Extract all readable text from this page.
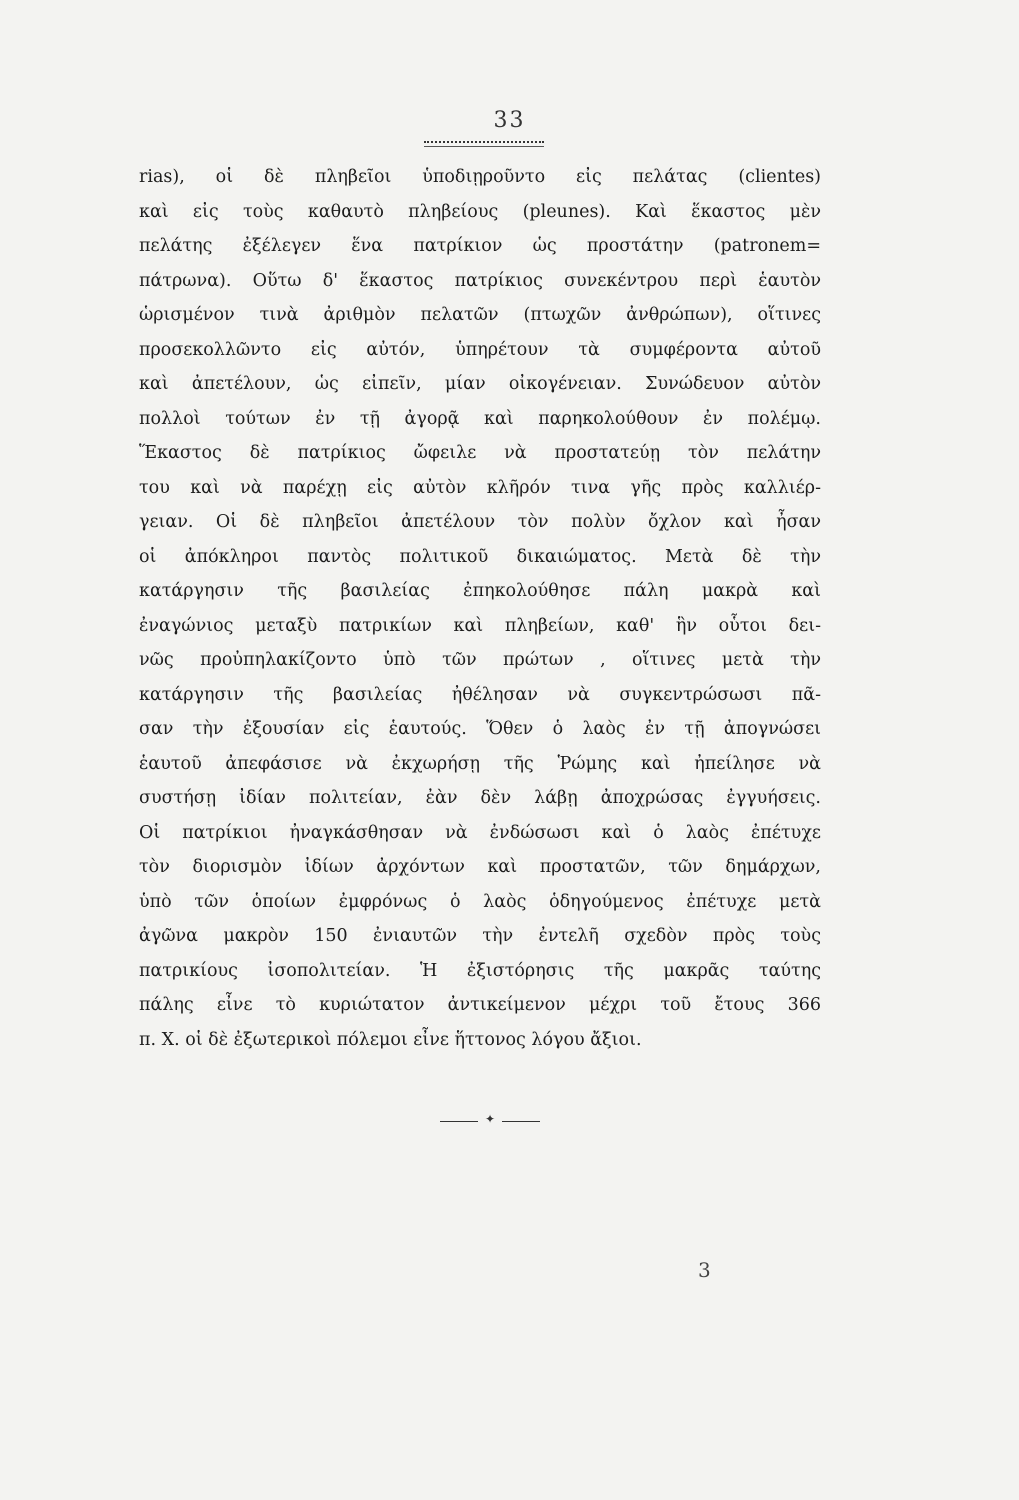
33
rias), οἱ δὲ πληβεῖοι ὑποδιῃροῦντο εἰς πελάτας (clientes)
καὶ εἰς τοὺς καθαυτὸ πληβείους (pleunes). Καὶ ἕκαστος μὲν
πελάτης ἐξέλεγεν ἕνα πατρίκιον ὡς προστάτην (patronem=
πάτρωνα). Οὕτω δ' ἕκαστος πατρίκιος συνεκέντρου περὶ ἑαυτὸν
ὡρισμένον τινὰ ἀριθμὸν πελατῶν (πτωχῶν ἀνθρώπων), οἵτινες
προσεκολλῶντο εἰς αὐτόν, ὑπηρέτουν τὰ συμφέροντα αὐτοῦ
καὶ ἀπετέλουν, ὡς εἰπεῖν, μίαν οἰκογένειαν. Συνώδευον αὐτὸν
πολλοὶ τούτων ἐν τῇ ἀγορᾷ καὶ παρηκολούθουν ἐν πολέμῳ.
Ἕκαστος δὲ πατρίκιος ὤφειλε νὰ προστατεύῃ τὸν πελάτην
του καὶ νὰ παρέχῃ εἰς αὐτὸν κλῆρόν τινα γῆς πρὸς καλλιέρ-
γειαν. Οἱ δὲ πληβεῖοι ἀπετέλουν τὸν πολὺν ὄχλον καὶ ἦσαν
οἱ ἀπόκληροι παντὸς πολιτικοῦ δικαιώματος. Μετὰ δὲ τὴν
κατάργησιν τῆς βασιλείας ἐπηκολούθησε πάλη μακρὰ καὶ
ἐναγώνιος μεταξὺ πατρικίων καὶ πληβείων, καθ' ἣν οὗτοι δει-
νῶς προὐπηλακίζοντο ὑπὸ τῶν πρώτων , οἵτινες μετὰ τὴν
κατάργησιν τῆς βασιλείας ἠθέλησαν νὰ συγκεντρώσωσι πᾶ-
σαν τὴν ἐξουσίαν εἰς ἑαυτούς. Ὅθεν ὁ λαὸς ἐν τῇ ἀπογνώσει
ἑαυτοῦ ἀπεφάσισε νὰ ἐκχωρήσῃ τῆς Ῥώμης καὶ ἠπείλησε νὰ
συστήσῃ ἰδίαν πολιτείαν, ἐὰν δὲν λάβῃ ἀποχρώσας ἐγγυήσεις.
Οἱ πατρίκιοι ἠναγκάσθησαν νὰ ἐνδώσωσι καὶ ὁ λαὸς ἐπέτυχε
τὸν διορισμὸν ἰδίων ἀρχόντων καὶ προστατῶν, τῶν δημάρχων,
ὑπὸ τῶν ὁποίων ἐμφρόνως ὁ λαὸς ὁδηγούμενος ἐπέτυχε μετὰ
ἀγῶνα μακρὸν 150 ἐνιαυτῶν τὴν ἐντελῆ σχεδὸν πρὸς τοὺς
πατρικίους ἰσοπολιτείαν. Ἡ ἐξιστόρησις τῆς μακρᾶς ταύτης
πάλης εἶνε τὸ κυριώτατον ἀντικείμενον μέχρι τοῦ ἔτους 366
π. Χ. οἱ δὲ ἐξωτερικοὶ πόλεμοι εἶνε ἥττονος λόγου ἄξιοι.
✦
3
